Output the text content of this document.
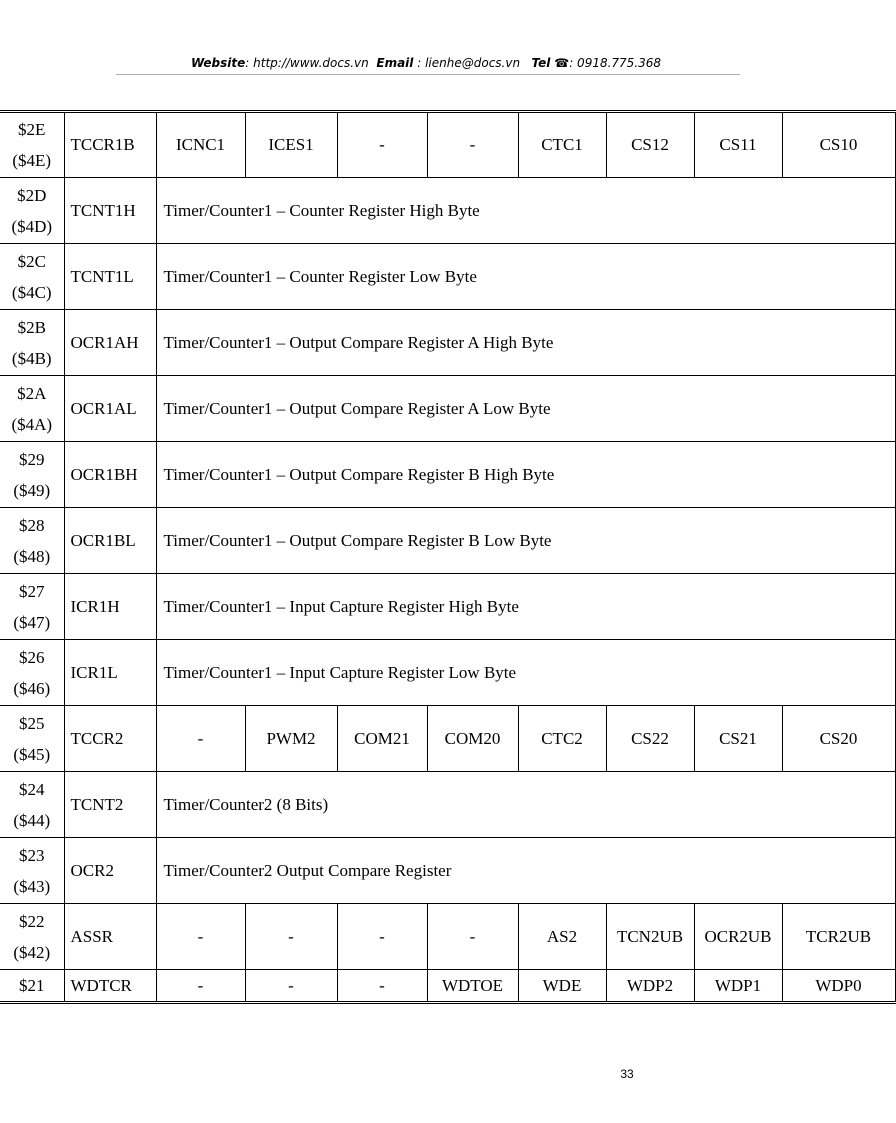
Website: http://www.docs.vn Email : lienhe@docs.vn Tel ☎: 0918.775.368
$2E
($4E)	TCCR1B	ICNC1	ICES1	-	-	CTC1	CS12	CS11	CS10

$2D
($4D)	TCNT1H	Timer/Counter1 – Counter Register High Byte							

$2C
($4C)	TCNT1L	Timer/Counter1 – Counter Register Low Byte							

$2B
($4B)	OCR1AH	Timer/Counter1 – Output Compare Register A High Byte							

$2A
($4A)	OCR1AL	Timer/Counter1 – Output Compare Register A Low Byte							

$29
($49)	OCR1BH	Timer/Counter1 – Output Compare Register B High Byte							

$28
($48)	OCR1BL	Timer/Counter1 – Output Compare Register B Low Byte							

$27
($47)	ICR1H	Timer/Counter1 – Input Capture Register High Byte							

$26
($46)	ICR1L	Timer/Counter1 – Input Capture Register Low Byte							

$25
($45)	TCCR2	-	PWM2	COM21	COM20	CTC2	CS22	CS21	CS20

$24
($44)	TCNT2	Timer/Counter2 (8 Bits)							

$23
($43)	OCR2	Timer/Counter2 Output Compare Register							

$22
($42)	ASSR	-	-	-	-	AS2	TCN2UB	OCR2UB	TCR2UB

$21	WDTCR	-	-	-	WDTOE	WDE	WDP2	WDP1	WDP0
33
